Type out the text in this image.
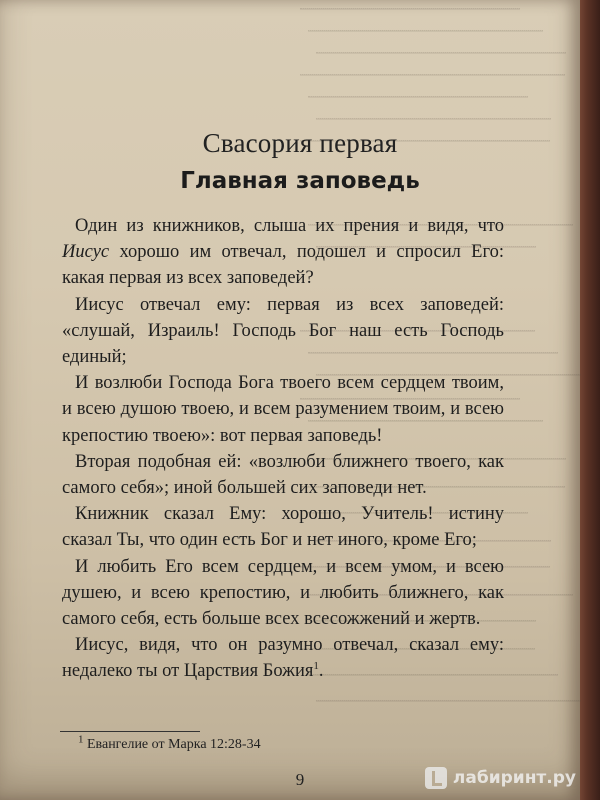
Свасория первая
Главная заповедь

Один из книжников, слыша их прения и видя, что Иисус хорошо им отвечал, подошел и спросил Его: какая первая из всех заповедей?

Иисус отвечал ему: первая из всех заповедей: «слушай, Израиль! Господь Бог наш есть Господь единый;

И возлюби Господа Бога твоего всем сердцем твоим, и всею душою твоею, и всем разумением твоим, и всею крепостию твоею»: вот первая заповедь!

Вторая подобная ей: «возлюби ближнего твоего, как самого себя»; иной большей сих заповеди нет.

Книжник сказал Ему: хорошо, Учитель! истину сказал Ты, что один есть Бог и нет иного, кроме Его;

И любить Его всем сердцем, и всем умом, и всею душею, и всею крепостию, и любить ближнего, как самого себя, есть больше всех всесожжений и жертв.

Иисус, видя, что он разумно отвечал, сказал ему: недалеко ты от Царствия Божия$^1$.

$^1$ Евангелие от Марка 12:28-34
9	лабиринт.ру
